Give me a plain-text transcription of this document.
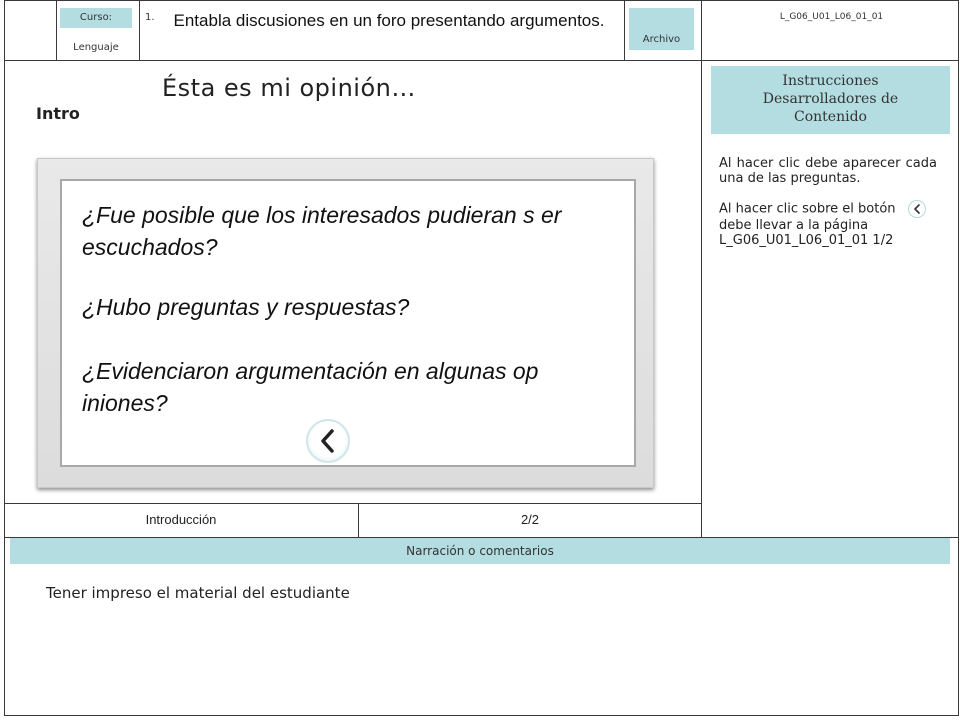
Curso:
Lenguaje
1.	Entabla discusiones en un foro presentando argumentos.
Archivo
L_G06_U01_L06_01_01
Ésta es mi opinión…
Intro
¿Fue posible que los interesados pudieran s er escuchados?
¿Hubo preguntas y respuestas?
¿Evidenciaron argumentación en algunas op iniones?
Introducción	2/2
Instrucciones Desarrolladores de Contenido
Al hacer clic debe aparecer cada una de las preguntas.
Al hacer clic sobre el botón

debe llevar a la página L_G06_U01_L06_01_01 1/2
Narración o comentarios
Tener impreso el material del estudiante
